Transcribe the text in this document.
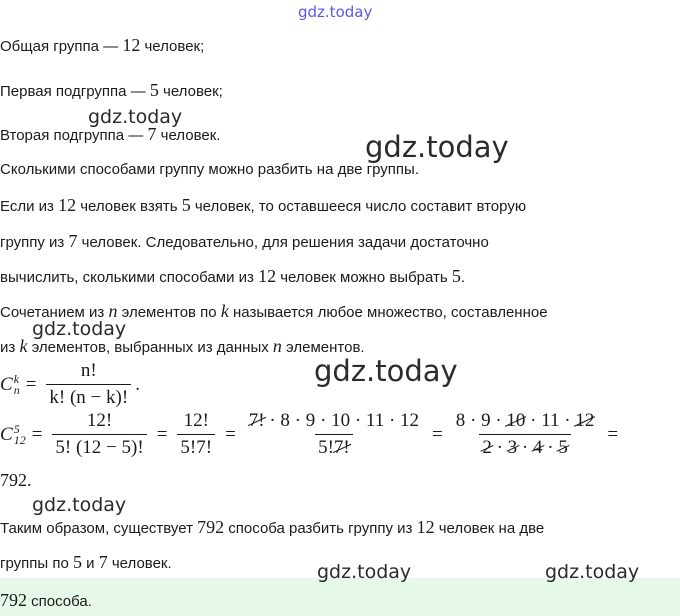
gdz.today
gdz.today
gdz.today
gdz.today
gdz.today
gdz.today
Общая группа — 12 человек;
Первая подгруппа — 5 человек;
Вторая подгруппа — 7 человек.
Сколькими способами группу можно разбить на две группы.
Если из 12 человек взять 5 человек, то оставшееся число составит вторую
группу из 7 человек. Следовательно, для решения задачи достаточно
вычислить, сколькими способами из 12 человек можно выбрать 5.
Сочетанием из n элементов по k называется любое множество, составленное
из k элементов, выбранных из данных n элементов.
C k
$n = \frac{n!}{k! (n - k)!}$ .
C 5
$12 = \frac{12!}{5! (12 - 5)!} = \frac{12!}{5!7!} = \frac{7! \cdot 8 \cdot 9 \cdot 10 \cdot 11 \cdot 12}{5!7!} = \frac{8 \cdot 9 \cdot 10 \cdot 11 \cdot 12}{2 \cdot 3 \cdot 4 \cdot 5}$ =
792.
Таким образом, существует 792 способа разбить группу из 12 человек на две
группы по 5 и 7 человек.	gdz.today	gdz.today
792 способа.
